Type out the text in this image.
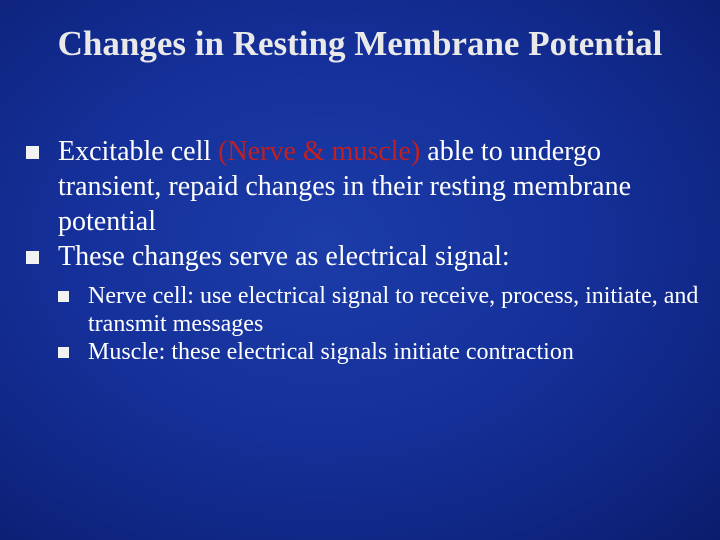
Changes in Resting Membrane Potential
Excitable cell (Nerve & muscle) able to undergo transient, repaid changes in their resting membrane potential
These changes serve as electrical signal:
Nerve cell: use electrical signal to receive, process, initiate, and transmit messages
Muscle: these electrical signals initiate contraction
